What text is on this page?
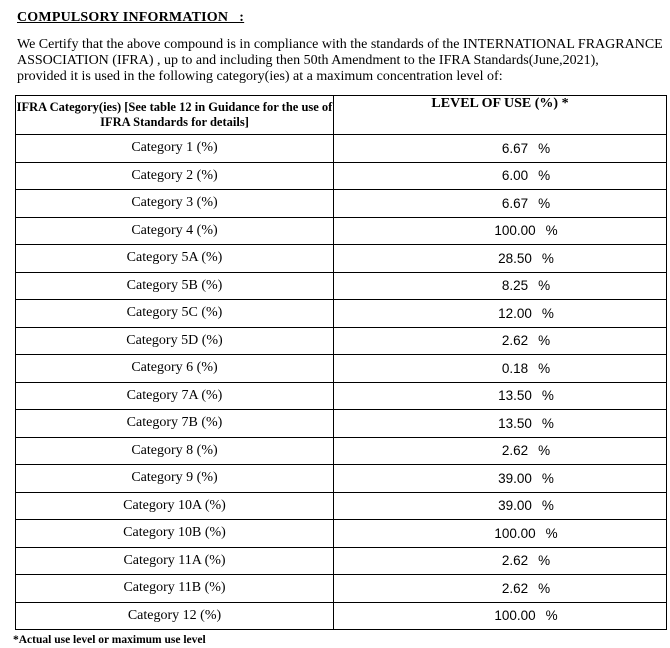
COMPULSORY INFORMATION   :
We Certify that the above compound is in compliance with the standards of the INTERNATIONAL FRAGRANCE
ASSOCIATION (IFRA) , up to and including then 50th Amendment to the IFRA Standards(June,2021),
provided it is used in the following category(ies) at a maximum concentration level of:
IFRA Category(ies) [See table 12 in Guidance for the use of IFRA Standards for details]	LEVEL OF USE (%) *
Category 1 (%)	6.67 %
Category 2 (%)	6.00 %
Category 3 (%)	6.67 %
Category 4 (%)	100.00 %
Category 5A (%)	28.50 %
Category 5B (%)	8.25 %
Category 5C (%)	12.00 %
Category 5D (%)	2.62 %
Category 6 (%)	0.18 %
Category 7A (%)	13.50 %
Category 7B (%)	13.50 %
Category 8 (%)	2.62 %
Category 9 (%)	39.00 %
Category 10A (%)	39.00 %
Category 10B (%)	100.00 %
Category 11A (%)	2.62 %
Category 11B (%)	2.62 %
Category 12 (%)	100.00 %
*Actual use level or maximum use level
